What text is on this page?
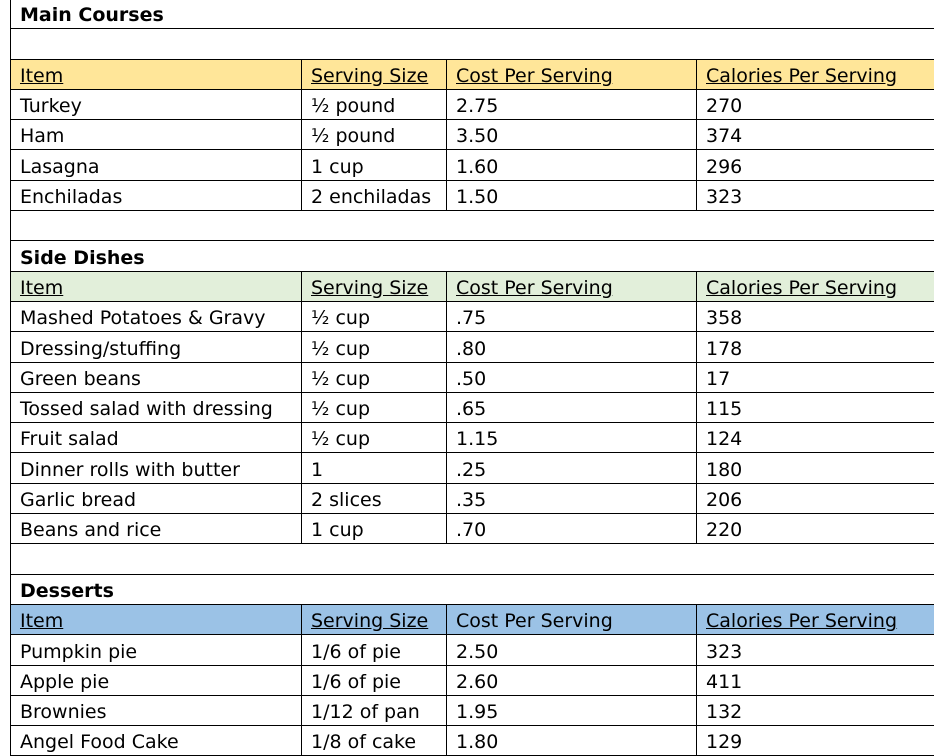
Main Courses			

Item	Serving Size	Cost Per Serving	Calories Per Serving
Turkey	½ pound	2.75	270
Ham	½ pound	3.50	374
Lasagna	1 cup	1.60	296
Enchiladas	2 enchiladas	1.50	323

Side Dishes			
Item	Serving Size	Cost Per Serving	Calories Per Serving
Mashed Potatoes & Gravy	½ cup	.75	358
Dressing/stuffing	½ cup	.80	178
Green beans	½ cup	.50	17
Tossed salad with dressing	½ cup	.65	115
Fruit salad	½ cup	1.15	124
Dinner rolls with butter	1	.25	180
Garlic bread	2 slices	.35	206
Beans and rice	1 cup	.70	220

Desserts			
Item	Serving Size	Cost Per Serving	Calories Per Serving
Pumpkin pie	1/6 of pie	2.50	323
Apple pie	1/6 of pie	2.60	411
Brownies	1/12 of pan	1.95	132
Angel Food Cake	1/8 of cake	1.80	129
